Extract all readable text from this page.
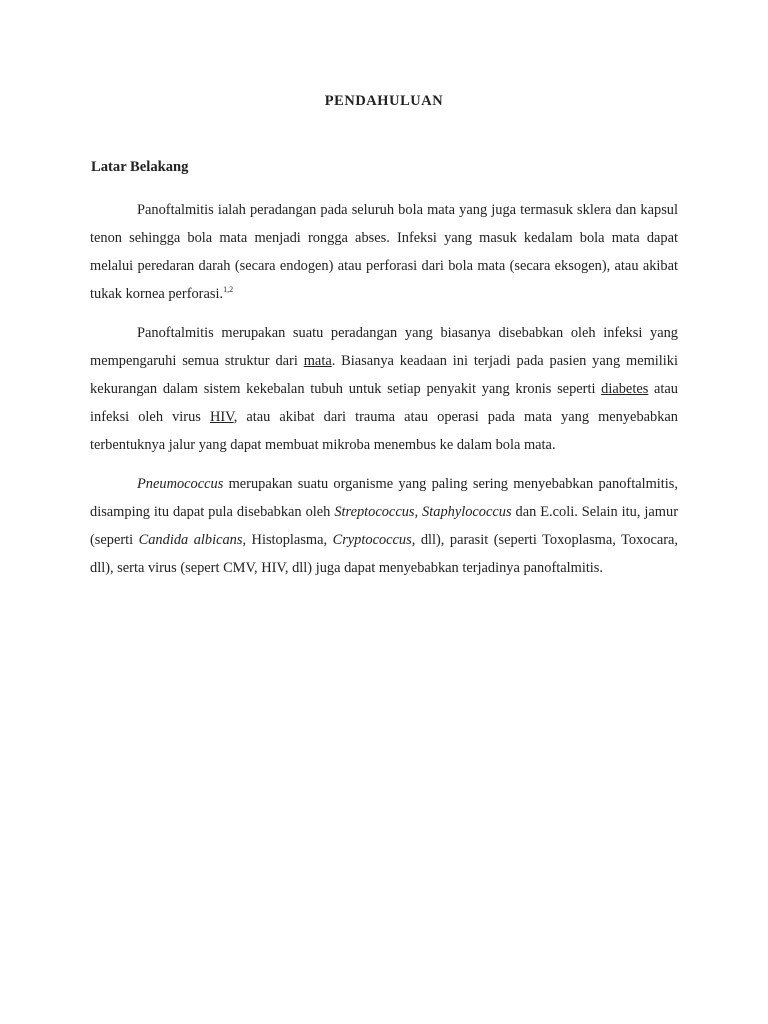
PENDAHULUAN
Latar Belakang

Panoftalmitis ialah peradangan pada seluruh bola mata yang juga termasuk sklera dan kapsul tenon sehingga bola mata menjadi rongga abses. Infeksi yang masuk kedalam bola mata dapat melalui peredaran darah (secara endogen) atau perforasi dari bola mata (secara eksogen), atau akibat tukak kornea perforasi.$^{1,2}$

Panoftalmitis merupakan suatu peradangan yang biasanya disebabkan oleh infeksi yang mempengaruhi semua struktur dari mata. Biasanya keadaan ini terjadi pada pasien yang memiliki kekurangan dalam sistem kekebalan tubuh untuk setiap penyakit yang kronis seperti diabetes atau infeksi oleh virus HIV, atau akibat dari trauma atau operasi pada mata yang menyebabkan terbentuknya jalur yang dapat membuat mikroba menembus ke dalam bola mata.

Pneumococcus merupakan suatu organisme yang paling sering menyebabkan panoftalmitis, disamping itu dapat pula disebabkan oleh Streptococcus, Staphylococcus dan E.coli. Selain itu, jamur (seperti Candida albicans, Histoplasma, Cryptococcus, dll), parasit (seperti Toxoplasma, Toxocara, dll), serta virus (sepert CMV, HIV, dll) juga dapat menyebabkan terjadinya panoftalmitis.
